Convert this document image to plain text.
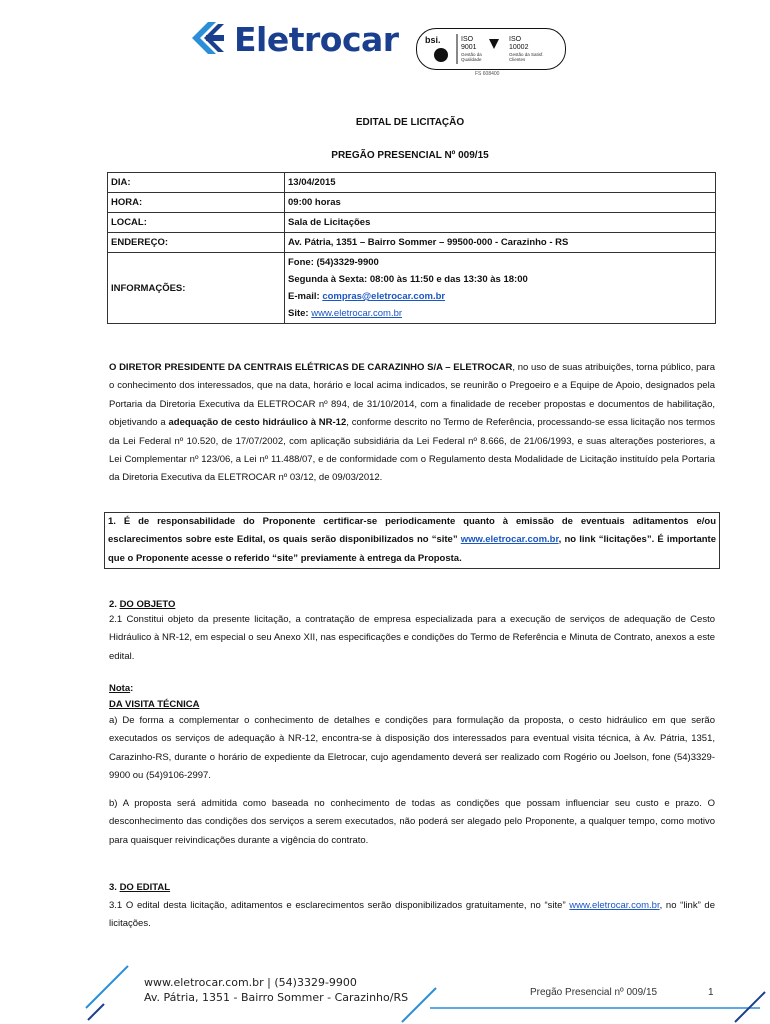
Eletrocar	bsi.	ISO
9001
Gestão da
Qualidade
ISO
10002
Gestão da Satisf.
Clientes
FS 608400
EDITAL DE LICITAÇÃO
PREGÃO PRESENCIAL Nº 009/15
DIA:	13/04/2015
HORA:	09:00 horas
LOCAL:	Sala de Licitações
ENDEREÇO:	Av. Pátria, 1351 – Bairro Sommer – 99500-000 - Carazinho - RS
INFORMAÇÕES:	Fone: (54)3329-9900
Segunda à Sexta: 08:00 às 11:50 e das 13:30 às 18:00
E-mail: compras@eletrocar.com.br
Site: www.eletrocar.com.br
O DIRETOR PRESIDENTE DA CENTRAIS ELÉTRICAS DE CARAZINHO S/A – ELETROCAR, no uso de suas atribuições, torna público, para o conhecimento dos interessados, que na data, horário e local acima indicados, se reunirão o Pregoeiro e a Equipe de Apoio, designados pela Portaria da Diretoria Executiva da ELETROCAR nº 894, de 31/10/2014, com a finalidade de receber propostas e documentos de habilitação, objetivando a adequação de cesto hidráulico à NR-12, conforme descrito no Termo de Referência, processando-se essa licitação nos termos da Lei Federal nº 10.520, de 17/07/2002, com aplicação subsidiária da Lei Federal nº 8.666, de 21/06/1993, e suas alterações posteriores, a Lei Complementar nº 123/06, a Lei nº 11.488/07, e de conformidade com o Regulamento desta Modalidade de Licitação instituído pela Portaria da Diretoria Executiva da ELETROCAR nº 03/12, de 09/03/2012.
1. É de responsabilidade do Proponente certificar-se periodicamente quanto à emissão de eventuais aditamentos e/ou esclarecimentos sobre este Edital, os quais serão disponibilizados no “site” www.eletrocar.com.br, no link “licitações”. É importante que o Proponente acesse o referido “site” previamente à entrega da Proposta.
2. DO OBJETO
2.1 Constitui objeto da presente licitação, a contratação de empresa especializada para a execução de serviços de adequação de Cesto Hidráulico à NR-12, em especial o seu Anexo XII, nas especificações e condições do Termo de Referência e Minuta de Contrato, anexos a este edital.
Nota:
DA VISITA TÉCNICA
a) De forma a complementar o conhecimento de detalhes e condições para formulação da proposta, o cesto hidráulico em que serão executados os serviços de adequação à NR-12, encontra-se à disposição dos interessados para eventual visita técnica, à Av. Pátria, 1351, Carazinho-RS, durante o horário de expediente da Eletrocar, cujo agendamento deverá ser realizado com Rogério ou Joelson, fone (54)3329-9900 ou (54)9106-2997.
b) A proposta será admitida como baseada no conhecimento de todas as condições que possam influenciar seu custo e prazo. O desconhecimento das condições dos serviços a serem executados, não poderá ser alegado pelo Proponente, a qualquer tempo, como motivo para quaisquer reivindicações durante a vigência do contrato.
3. DO EDITAL
3.1 O edital desta licitação, aditamentos e esclarecimentos serão disponibilizados gratuitamente, no “site” www.eletrocar.com.br, no “link” de licitações.
www.eletrocar.com.br | (54)3329-9900
Av. Pátria, 1351 - Bairro Sommer - Carazinho/RS	Pregão Presencial nº 009/15	1
